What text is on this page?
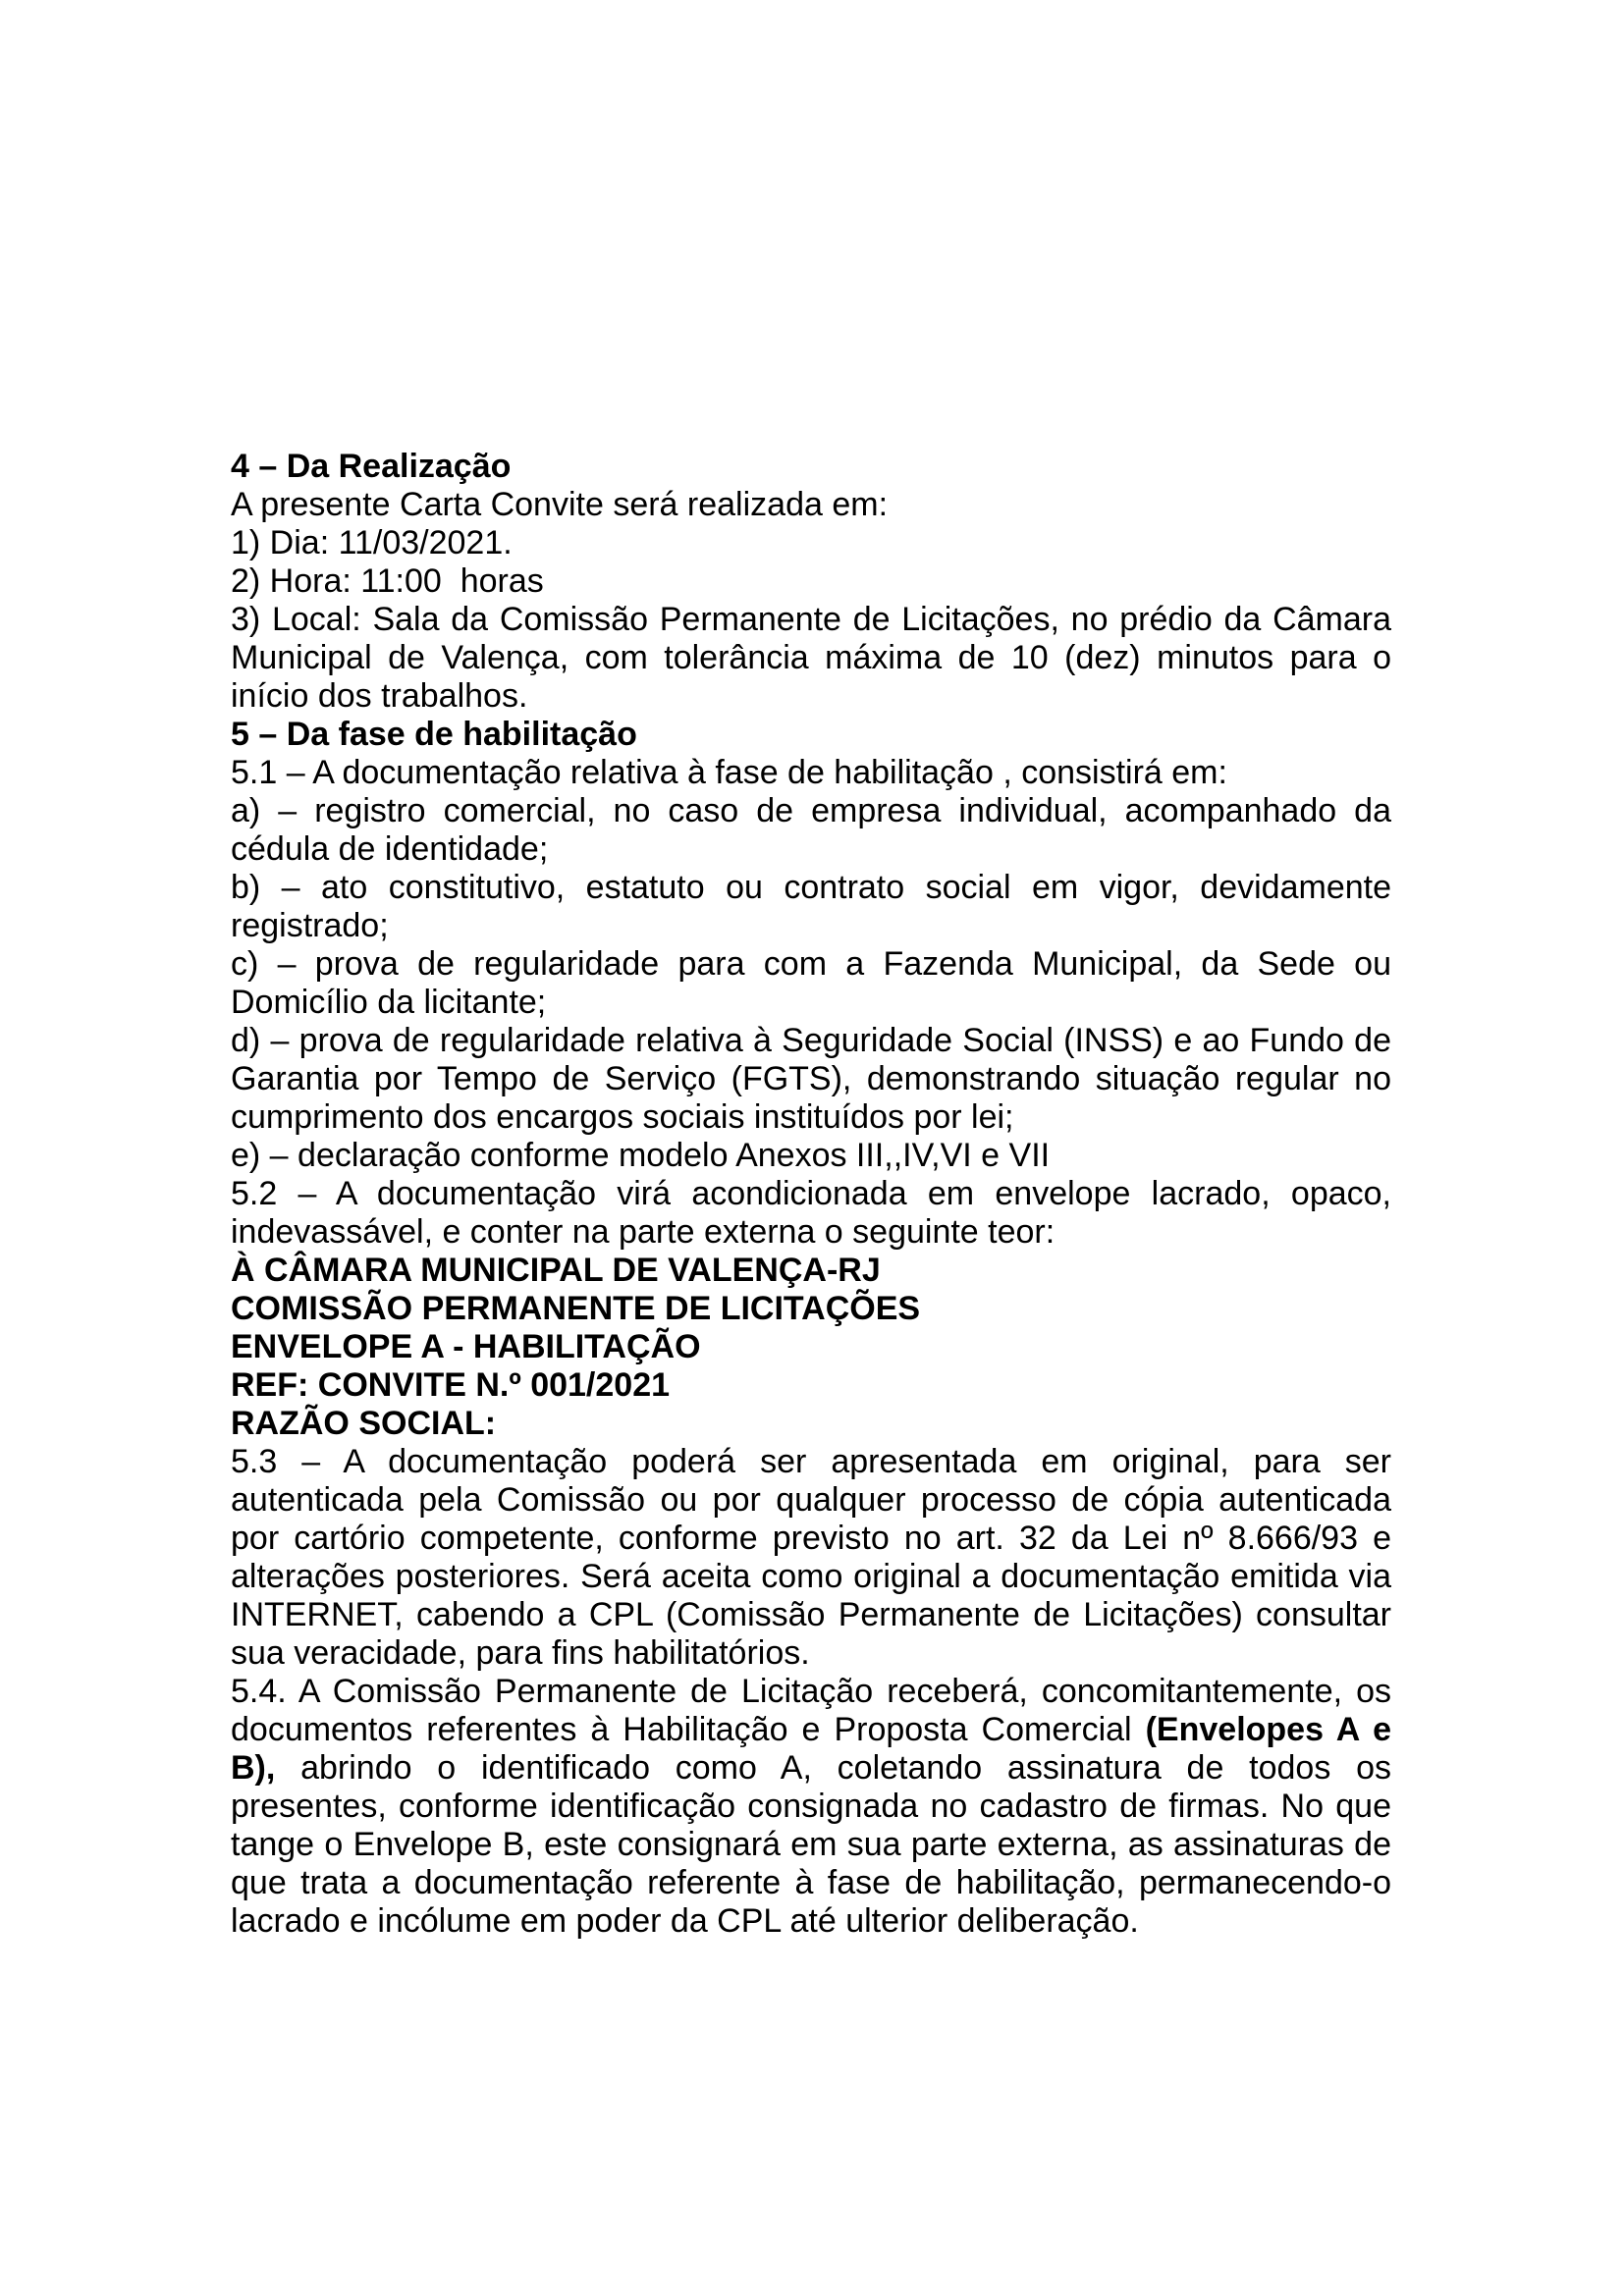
4 – Da Realização

A presente Carta Convite será realizada em:

1) Dia: 11/03/2021.

2) Hora: 11:00  horas

3) Local: Sala da Comissão Permanente de Licitações, no prédio da Câmara Municipal de Valença, com tolerância máxima de 10 (dez) minutos para o início dos trabalhos.

5 – Da fase de habilitação

5.1 – A documentação relativa à fase de habilitação , consistirá em:

a) – registro comercial, no caso de empresa individual, acompanhado da cédula de identidade;

b) – ato constitutivo, estatuto ou contrato social em vigor, devidamente registrado;

c) – prova de regularidade para com a Fazenda Municipal, da Sede ou Domicílio da licitante;

d) – prova de regularidade relativa à Seguridade Social (INSS) e ao Fundo de Garantia por Tempo de Serviço (FGTS), demonstrando situação regular no cumprimento dos encargos sociais instituídos por lei;

e) – declaração conforme modelo Anexos III,,IV,VI e VII

5.2 – A documentação virá acondicionada em envelope lacrado, opaco, indevassável, e conter na parte externa o seguinte teor:

À CÂMARA MUNICIPAL DE VALENÇA-RJ

COMISSÃO PERMANENTE DE LICITAÇÕES

ENVELOPE A - HABILITAÇÃO

REF: CONVITE N.º 001/2021

RAZÃO SOCIAL:

5.3 – A documentação poderá ser apresentada em original, para ser autenticada pela Comissão ou por qualquer processo de cópia autenticada por cartório competente, conforme previsto no art. 32 da Lei nº 8.666/93 e alterações posteriores. Será aceita como original a documentação emitida via INTERNET, cabendo a CPL (Comissão Permanente de Licitações) consultar sua veracidade, para fins habilitatórios.

5.4. A Comissão Permanente de Licitação receberá, concomitantemente, os documentos referentes à Habilitação e Proposta Comercial (Envelopes A e B), abrindo o identificado como A, coletando assinatura de todos os presentes, conforme identificação consignada no cadastro de firmas. No que tange o Envelope B, este consignará em sua parte externa, as assinaturas de que trata a documentação referente à fase de habilitação, permanecendo-o lacrado e incólume em poder da CPL até ulterior deliberação.
